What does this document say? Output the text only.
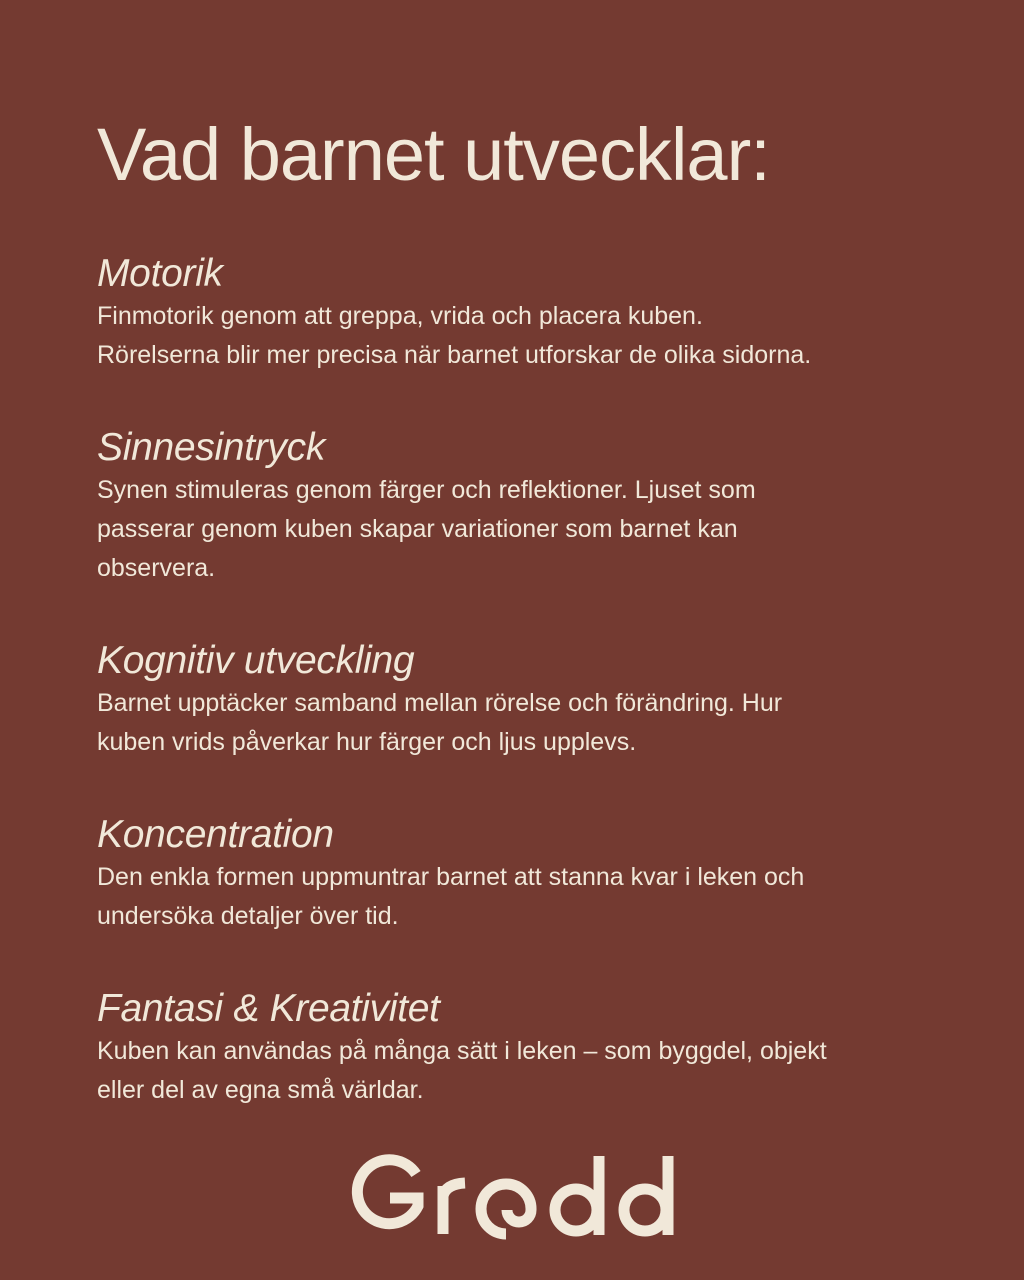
Vad barnet utvecklar:
Motorik

Finmotorik genom att greppa, vrida och placera kuben.
Rörelserna blir mer precisa när barnet utforskar de olika sidorna.

Sinnesintryck

Synen stimuleras genom färger och reflektioner. Ljuset som
passerar genom kuben skapar variationer som barnet kan
observera.

Kognitiv utveckling

Barnet upptäcker samband mellan rörelse och förändring. Hur
kuben vrids påverkar hur färger och ljus upplevs.

Koncentration

Den enkla formen uppmuntrar barnet att stanna kvar i leken och
undersöka detaljer över tid.

Fantasi & Kreativitet

Kuben kan användas på många sätt i leken – som byggdel, objekt
eller del av egna små världar.
